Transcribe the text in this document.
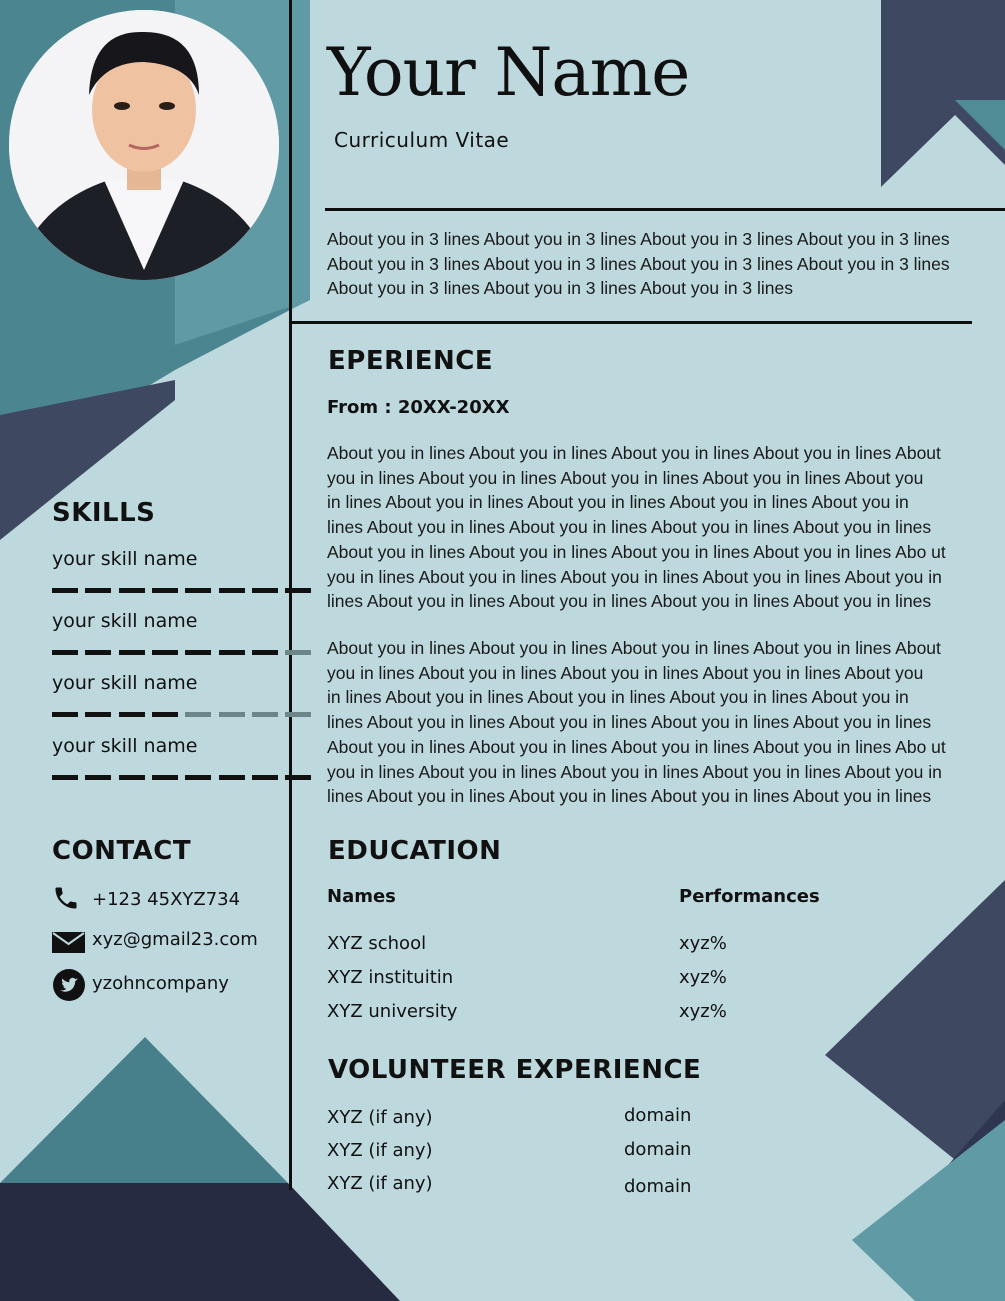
Your Name
Curriculum Vitae
About you in 3 lines About you in 3 lines About you in 3 lines About you in 3 lines
About you in 3 lines About you in 3 lines About you in 3 lines About you in 3 lines
About you in 3 lines About you in 3 lines About you in 3 lines
EPERIENCE
From : 20XX-20XX
About you in lines About you in lines About you in lines About you in lines About
you in lines About you in lines About you in lines About you in lines About you
in lines About you in lines About you in lines About you in lines About you in
lines About you in lines About you in lines About you in lines About you in lines
About you in lines About you in lines About you in lines About you in lines Abo ut
you in lines About you in lines About you in lines About you in lines About you in
lines About you in lines About you in lines About you in lines About you in lines
About you in lines About you in lines About you in lines About you in lines About
you in lines About you in lines About you in lines About you in lines About you
in lines About you in lines About you in lines About you in lines About you in
lines About you in lines About you in lines About you in lines About you in lines
About you in lines About you in lines About you in lines About you in lines Abo ut
you in lines About you in lines About you in lines About you in lines About you in
lines About you in lines About you in lines About you in lines About you in lines
EDUCATION
Names	Performances
XYZ school	xyz%
XYZ instituitin	xyz%
XYZ university	xyz%
VOLUNTEER EXPERIENCE
XYZ (if any)	domain
XYZ (if any)	domain
XYZ (if any)	domain
SKILLS
your skill name
your skill name
your skill name
your skill name
CONTACT
+123 45XYZ734
xyz@gmail23.com
yzohncompany
